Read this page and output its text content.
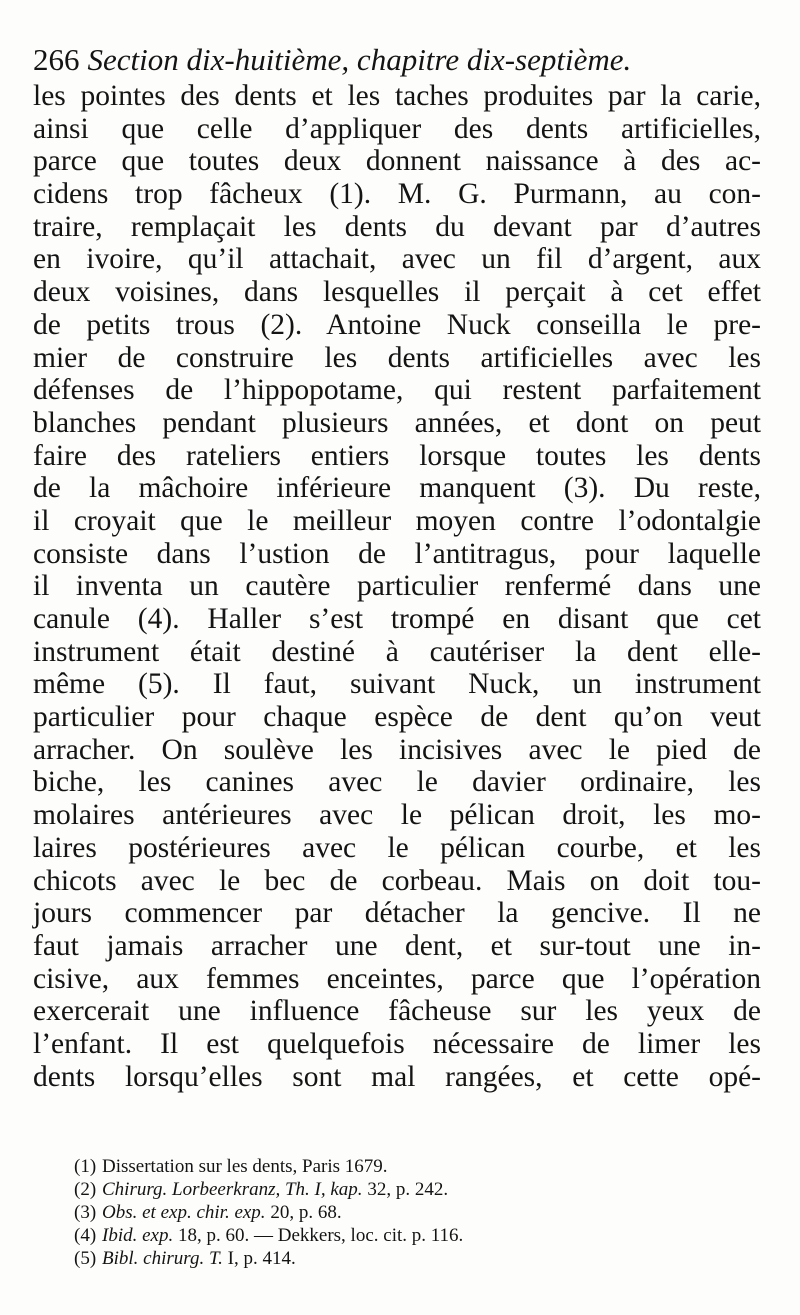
266 Section dix-huitième, chapitre dix-septième.
les pointes des dents et les taches produites par la carie,
ainsi que celle d’appliquer des dents artificielles,
parce que toutes deux donnent naissance à des ac-
cidens trop fâcheux (1). M. G. Purmann, au con-
traire, remplaçait les dents du devant par d’autres
en ivoire, qu’il attachait, avec un fil d’argent, aux
deux voisines, dans lesquelles il perçait à cet effet
de petits trous (2). Antoine Nuck conseilla le pre-
mier de construire les dents artificielles avec les
défenses de l’hippopotame, qui restent parfaitement
blanches pendant plusieurs années, et dont on peut
faire des rateliers entiers lorsque toutes les dents
de la mâchoire inférieure manquent (3). Du reste,
il croyait que le meilleur moyen contre l’odontalgie
consiste dans l’ustion de l’antitragus, pour laquelle
il inventa un cautère particulier renfermé dans une
canule (4). Haller s’est trompé en disant que cet
instrument était destiné à cautériser la dent elle-
même (5). Il faut, suivant Nuck, un instrument
particulier pour chaque espèce de dent qu’on veut
arracher. On soulève les incisives avec le pied de
biche, les canines avec le davier ordinaire, les
molaires antérieures avec le pélican droit, les mo-
laires postérieures avec le pélican courbe, et les
chicots avec le bec de corbeau. Mais on doit tou-
jours commencer par détacher la gencive. Il ne
faut jamais arracher une dent, et sur-tout une in-
cisive, aux femmes enceintes, parce que l’opération
exercerait une influence fâcheuse sur les yeux de
l’enfant. Il est quelquefois nécessaire de limer les
dents lorsqu’elles sont mal rangées, et cette opé-
(1) Dissertation sur les dents, Paris 1679.
(2) Chirurg. Lorbeerkranz, Th. I, kap. 32, p. 242.
(3) Obs. et exp. chir. exp. 20, p. 68.
(4) Ibid. exp. 18, p. 60. — Dekkers, loc. cit. p. 116.
(5) Bibl. chirurg. T. I, p. 414.
